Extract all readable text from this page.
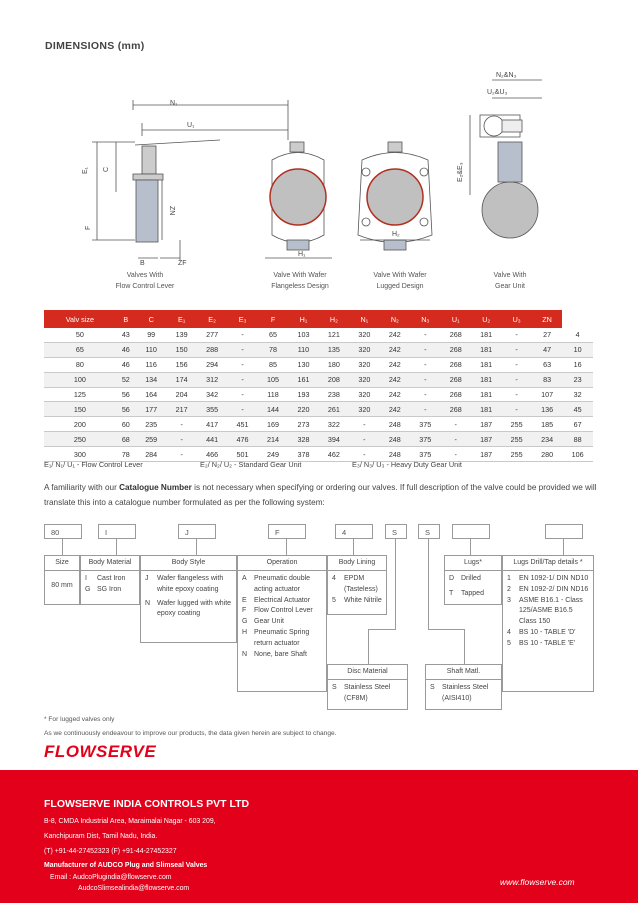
DIMENSIONS (mm)
N₁
U₁
E₁ C
F
ZN
B	ZF
H₁
H₂
N₂&N₃
U₂&U₃
E₂&E₃
Valves With
Flow Control Lever
Valve With Wafer
Flangeless Design
Valve With Wafer
Lugged Design
Valve With
Gear Unit
Valv size	B	C	E₁	E₂	E₃	F	H₁	H₂	N₁	N₂	N₃	U₁	U₂	U₃	ZN	
50	43	99	139	277	-	65	103	121	320	242	-	268	181	-	27	4
65	46	110	150	288	-	78	110	135	320	242	-	268	181	-	47	10
80	46	116	156	294	-	85	130	180	320	242	-	268	181	-	63	16
100	52	134	174	312	-	105	161	208	320	242	-	268	181	-	83	23
125	56	164	204	342	-	118	193	238	320	242	-	268	181	-	107	32
150	56	177	217	355	-	144	220	261	320	242	-	268	181	-	136	45
200	60	235	-	417	451	169	273	322	-	248	375	-	187	255	185	67
250	68	259	-	441	476	214	328	394	-	248	375	-	187	255	234	88
300	78	284	-	466	501	249	378	462	-	248	375	-	187	255	280	106
E₁/ N₁/ U₁ - Flow Control Lever	E₂/ N₂/ U₂ - Standard Gear Unit	E₃/ N₃/ U₃ - Heavy Duty Gear Unit
A familiarity with our Catalogue Number is not necessary when specifying or ordering our valves. If full description of the valve could be provided we will translate this into a catalogue number formulated as per the following system:
80	I	J	F	4	S	S
Size
80 mm
Body Material
I	Cast Iron
G SG Iron
Body Style
J	Wafer flangeless with white epoxy coating
N Wafer lugged with white epoxy coating
Operation
A	Pneumatic double acting actuator
E	Electrical Actuator
F	Flow Control Lever
G Gear Unit
H Pneumatic Spring return actuator
N None, bare Shaft
Body Lining
4	EPDM (Tasteless)
5	White Nitrile
Lugs*
D Drilled
T	Tapped
Lugs Drill/Tap details *
1	EN 1092-1/ DIN ND10
2	EN 1092-2/ DIN ND16
3	ASME B16.1 - Class 125/ASME B16.5 Class 150
4	BS 10 - TABLE 'D'
5	BS 10 - TABLE 'E'
Disc Material
S	Stainless Steel (CF8M)
Shaft Matl.
S	Stainless Steel (AISI410)
* For lugged valves only
As we continuously endeavour to improve our products, the data given herein are subject to change.
FLOWSERVE
FLOWSERVE INDIA CONTROLS PVT LTD
B-8, CMDA Industrial Area, Maraimalai Nagar - 603 209,
Kanchipuram Dist, Tamil Nadu, India.
(T) +91-44-27452323 (F) +91-44-27452327
Manufacturer of AUDCO Plug and Slimseal Valves
Email : AudcoPlugindia@flowserve.com
AudcoSlimsealindia@flowserve.com
www.flowserve.com
